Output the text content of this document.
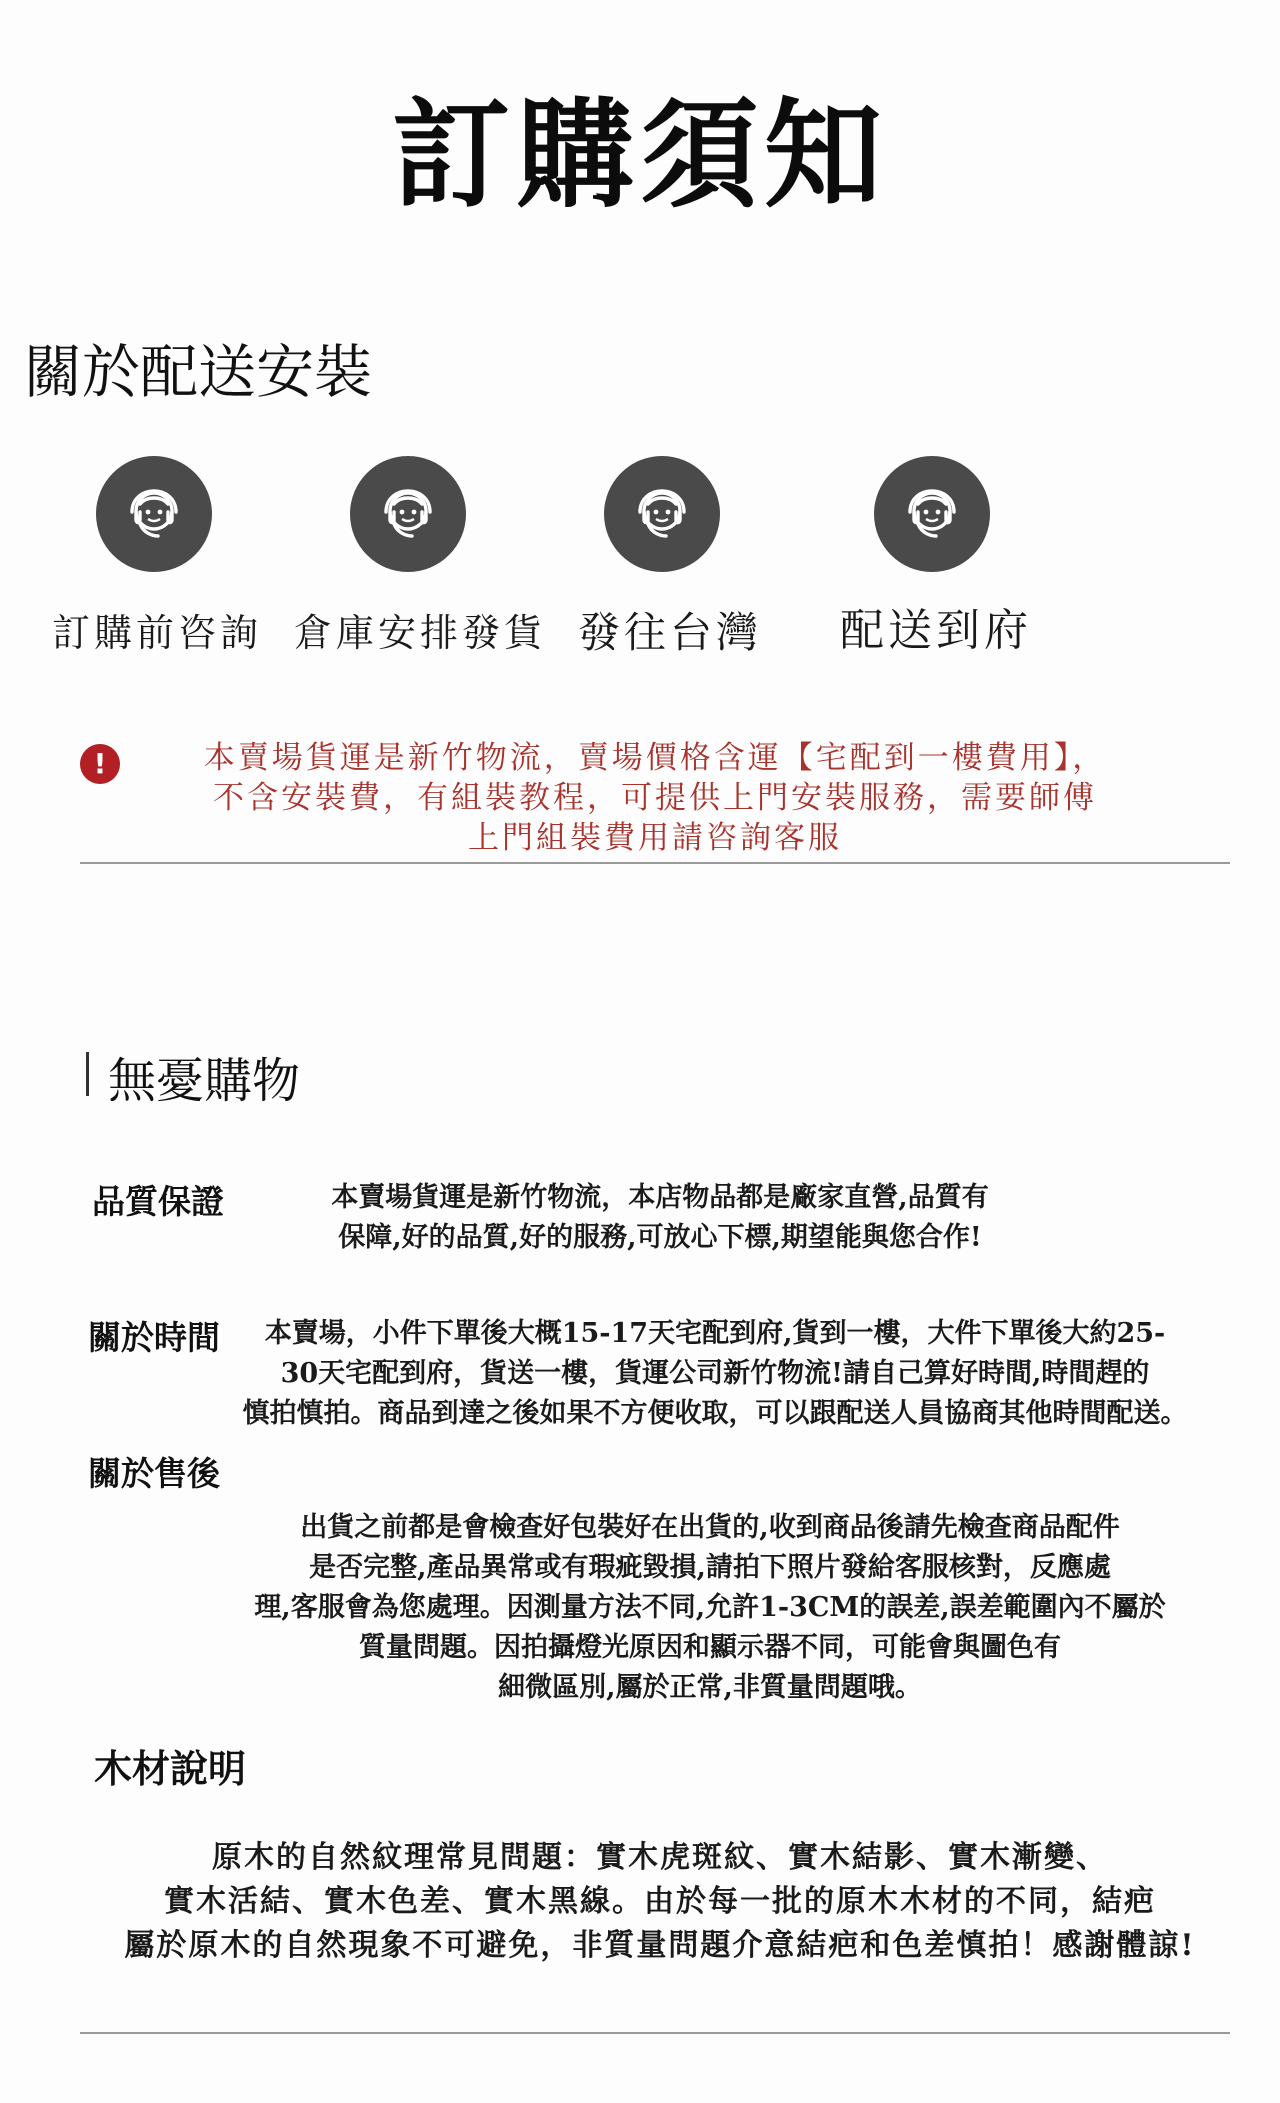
訂購須知
關於配送安裝
訂購前咨詢 倉庫安排發貨 發往台灣 配送到府
!	本賣場貨運是新竹物流，賣場價格含運【宅配到一樓費用】，
不含安裝費，有組裝教程，可提供上門安裝服務，需要師傅
上門組裝費用請咨詢客服
無憂購物
品質保證	本賣場貨運是新竹物流，本店物品都是廠家直營,品質有
保障,好的品質,好的服務,可放心下標,期望能與您合作!
關於時間	本賣場，小件下單後大概15-17天宅配到府,貨到一樓，大件下單後大約25-
30天宅配到府，貨送一樓，貨運公司新竹物流!請自己算好時間,時間趕的
慎拍慎拍。商品到達之後如果不方便收取，可以跟配送人員協商其他時間配送。
關於售後
出貨之前都是會檢查好包裝好在出貨的,收到商品後請先檢查商品配件
是否完整,產品異常或有瑕疵毀損,請拍下照片發給客服核對，反應處
理,客服會為您處理。因測量方法不同,允許1-3CM的誤差,誤差範圍內不屬於
質量問題。因拍攝燈光原因和顯示器不同，可能會與圖色有
細微區別,屬於正常,非質量問題哦。
木材說明
原木的自然紋理常見問題：實木虎斑紋、實木結影、實木漸變、
實木活結、實木色差、實木黑線。由於每一批的原木木材的不同，結疤
屬於原木的自然現象不可避免，非質量問題介意結疤和色差慎拍！感謝體諒!
